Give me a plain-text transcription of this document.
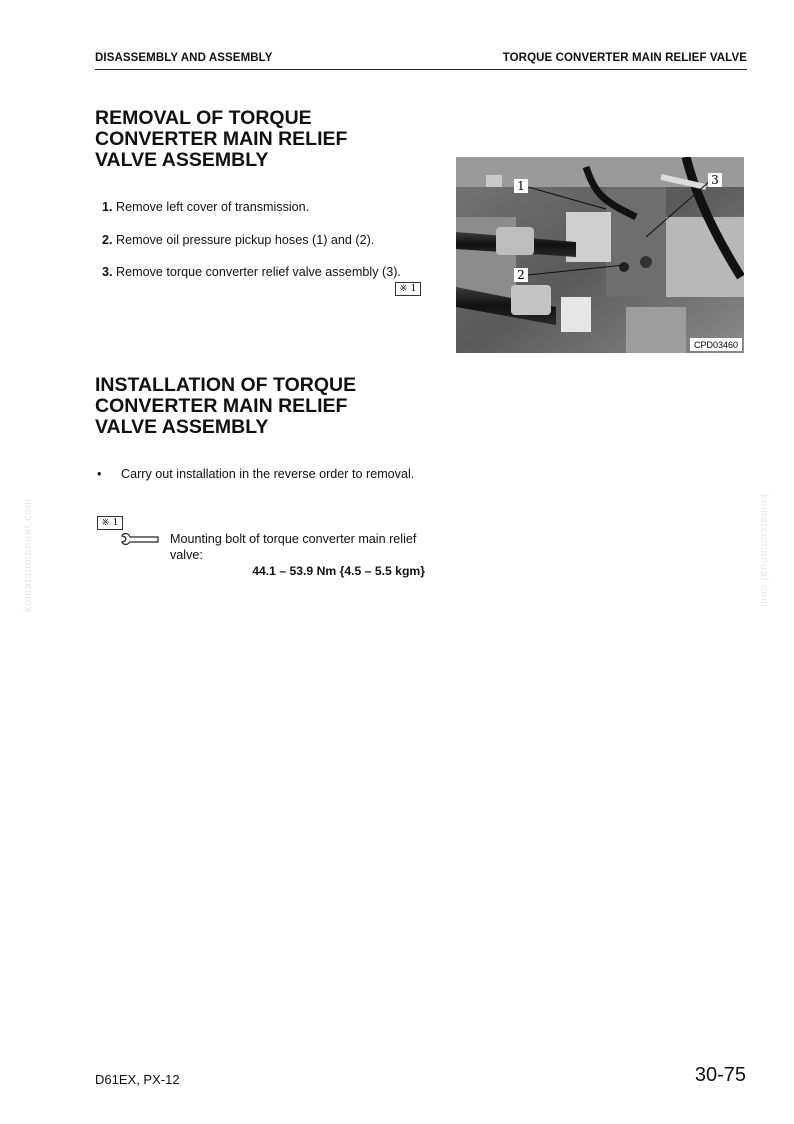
DISASSEMBLY AND ASSEMBLY	TORQUE CONVERTER MAIN RELIEF VALVE
REMOVAL OF TORQUE
CONVERTER MAIN RELIEF
VALVE ASSEMBLY
1. Remove left cover of transmission.
2. Remove oil pressure pickup hoses (1) and (2).
3. Remove torque converter relief valve assembly (3).
※ 1
INSTALLATION OF TORQUE
CONVERTER MAIN RELIEF
VALVE ASSEMBLY
• Carry out installation in the reverse order to removal.
※ 1
Mounting bolt of torque converter main relief valve:
44.1 – 53.9 Nm {4.5 – 5.5 kgm}
1
2
3
CPD03460
komatsumanual.com	komatsumanual.com
D61EX, PX-12	30-75
